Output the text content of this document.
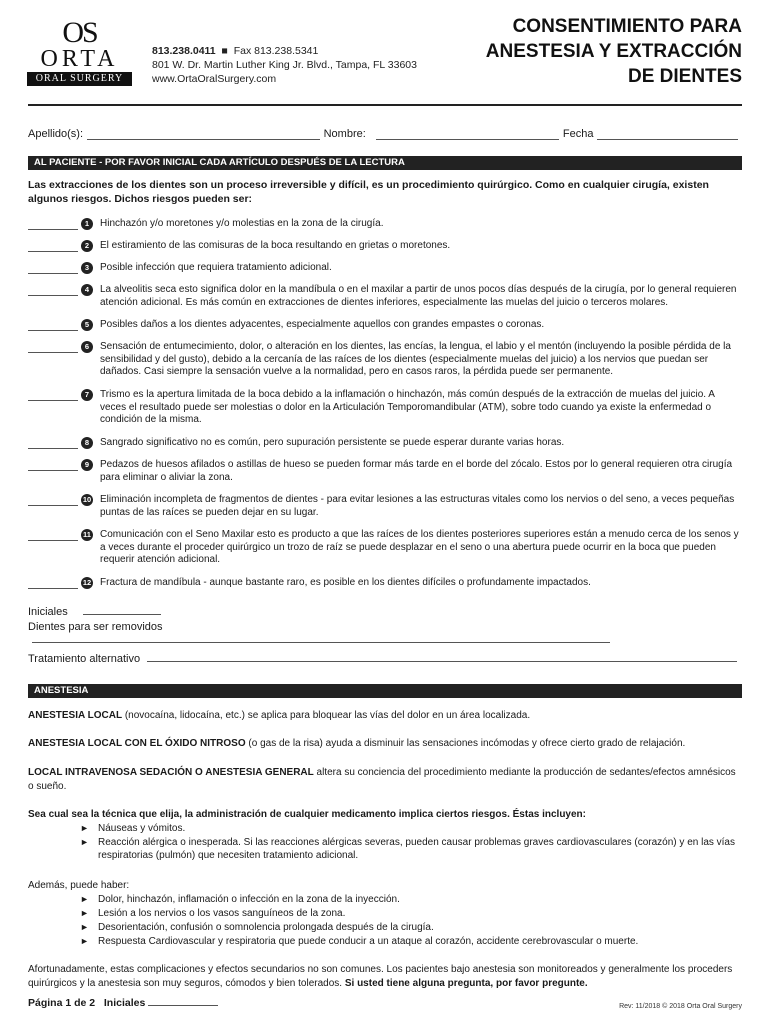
OS
ORTA
ORAL SURGERY
813.238.0411 ■ Fax 813.238.5341
801 W. Dr. Martin Luther King Jr. Blvd., Tampa, FL 33603
www.OrtaOralSurgery.com
CONSENTIMIENTO PARA
ANESTESIA Y EXTRACCIÓN
DE DIENTES
Apellido(s):	Nombre:	Fecha
AL PACIENTE - POR FAVOR INICIAL CADA ARTÍCULO DESPUÉS DE LA LECTURA
Las extracciones de los dientes son un proceso irreversible y difícil, es un procedimiento quirúrgico. Como en cualquier cirugía, existen algunos riesgos. Dichos riesgos pueden ser:
1	Hinchazón y/o moretones y/o molestias en la zona de la cirugía.
2	El estiramiento de las comisuras de la boca resultando en grietas o moretones.
3	Posible infección que requiera tratamiento adicional.
4	La alveolitis seca esto significa dolor en la mandíbula o en el maxilar a partir de unos pocos días después de la cirugía, por lo general requieren atención adicional. Es más común en extracciones de dientes inferiores, especialmente las muelas del juicio o terceros molares.
5	Posibles daños a los dientes adyacentes, especialmente aquellos con grandes empastes o coronas.
6	Sensación de entumecimiento, dolor, o alteración en los dientes, las encías, la lengua, el labio y el mentón (incluyendo la posible pérdida de la sensibilidad y del gusto), debido a la cercanía de las raíces de los dientes (especialmente muelas del juicio) a los nervios que puedan ser dañados. Casi siempre la sensación vuelve a la normalidad, pero en casos raros, la pérdida puede ser permanente.
7	Trismo es la apertura limitada de la boca debido a la inflamación o hinchazón, más común después de la extracción de muelas del juicio. A veces el resultado puede ser molestias o dolor en la Articulación Temporomandibular (ATM), sobre todo cuando ya existe la enfermedad o condición de la misma.
8	Sangrado significativo no es común, pero supuración persistente se puede esperar durante varias horas.
9	Pedazos de huesos afilados o astillas de hueso se pueden formar más tarde en el borde del zócalo. Estos por lo general requieren otra cirugía para eliminar o aliviar la zona.
10 Eliminación incompleta de fragmentos de dientes - para evitar lesiones a las estructuras vitales como los nervios o del seno, a veces pequeñas puntas de las raíces se pueden dejar en su lugar.
11 Comunicación con el Seno Maxilar esto es producto a que las raíces de los dientes posteriores superiores están a menudo cerca de los senos y a veces durante el proceder quirúrgico un trozo de raíz se puede desplazar en el seno o una abertura puede ocurrir en la boca que pueden requerir atención adicional.
12 Fractura de mandíbula - aunque bastante raro, es posible en los dientes difíciles o profundamente impactados.
Iniciales
Dientes para ser removidos
Tratamiento alternativo
ANESTESIA
ANESTESIA LOCAL (novocaína, lidocaína, etc.) se aplica para bloquear las vías del dolor en un área localizada.
ANESTESIA LOCAL CON EL ÓXIDO NITROSO (o gas de la risa) ayuda a disminuir las sensaciones incómodas y ofrece cierto grado de relajación.
LOCAL INTRAVENOSA SEDACIÓN O ANESTESIA GENERAL altera su conciencia del procedimiento mediante la producción de sedantes/efectos amnésicos o sueño.
Sea cual sea la técnica que elija, la administración de cualquier medicamento implica ciertos riesgos. Éstas incluyen:
► Náuseas y vómitos.
► Reacción alérgica o inesperada. Si las reacciones alérgicas severas, pueden causar problemas graves cardiovasculares (corazón) y en las vías respiratorias (pulmón) que necesiten tratamiento adicional.
Además, puede haber:
► Dolor, hinchazón, inflamación o infección en la zona de la inyección.
► Lesión a los nervios o los vasos sanguíneos de la zona.
► Desorientación, confusión o somnolencia prolongada después de la cirugía.
► Respuesta Cardiovascular y respiratoria que puede conducir a un ataque al corazón, accidente cerebrovascular o muerte.
Afortunadamente, estas complicaciones y efectos secundarios no son comunes. Los pacientes bajo anestesia son monitoreados y generalmente los proceders quirúrgicos y la anestesia son muy seguros, cómodos y bien tolerados. Si usted tiene alguna pregunta, por favor pregunte.
Página 1 de 2 Iniciales	Rev: 11/2018 © 2018 Orta Oral Surgery
